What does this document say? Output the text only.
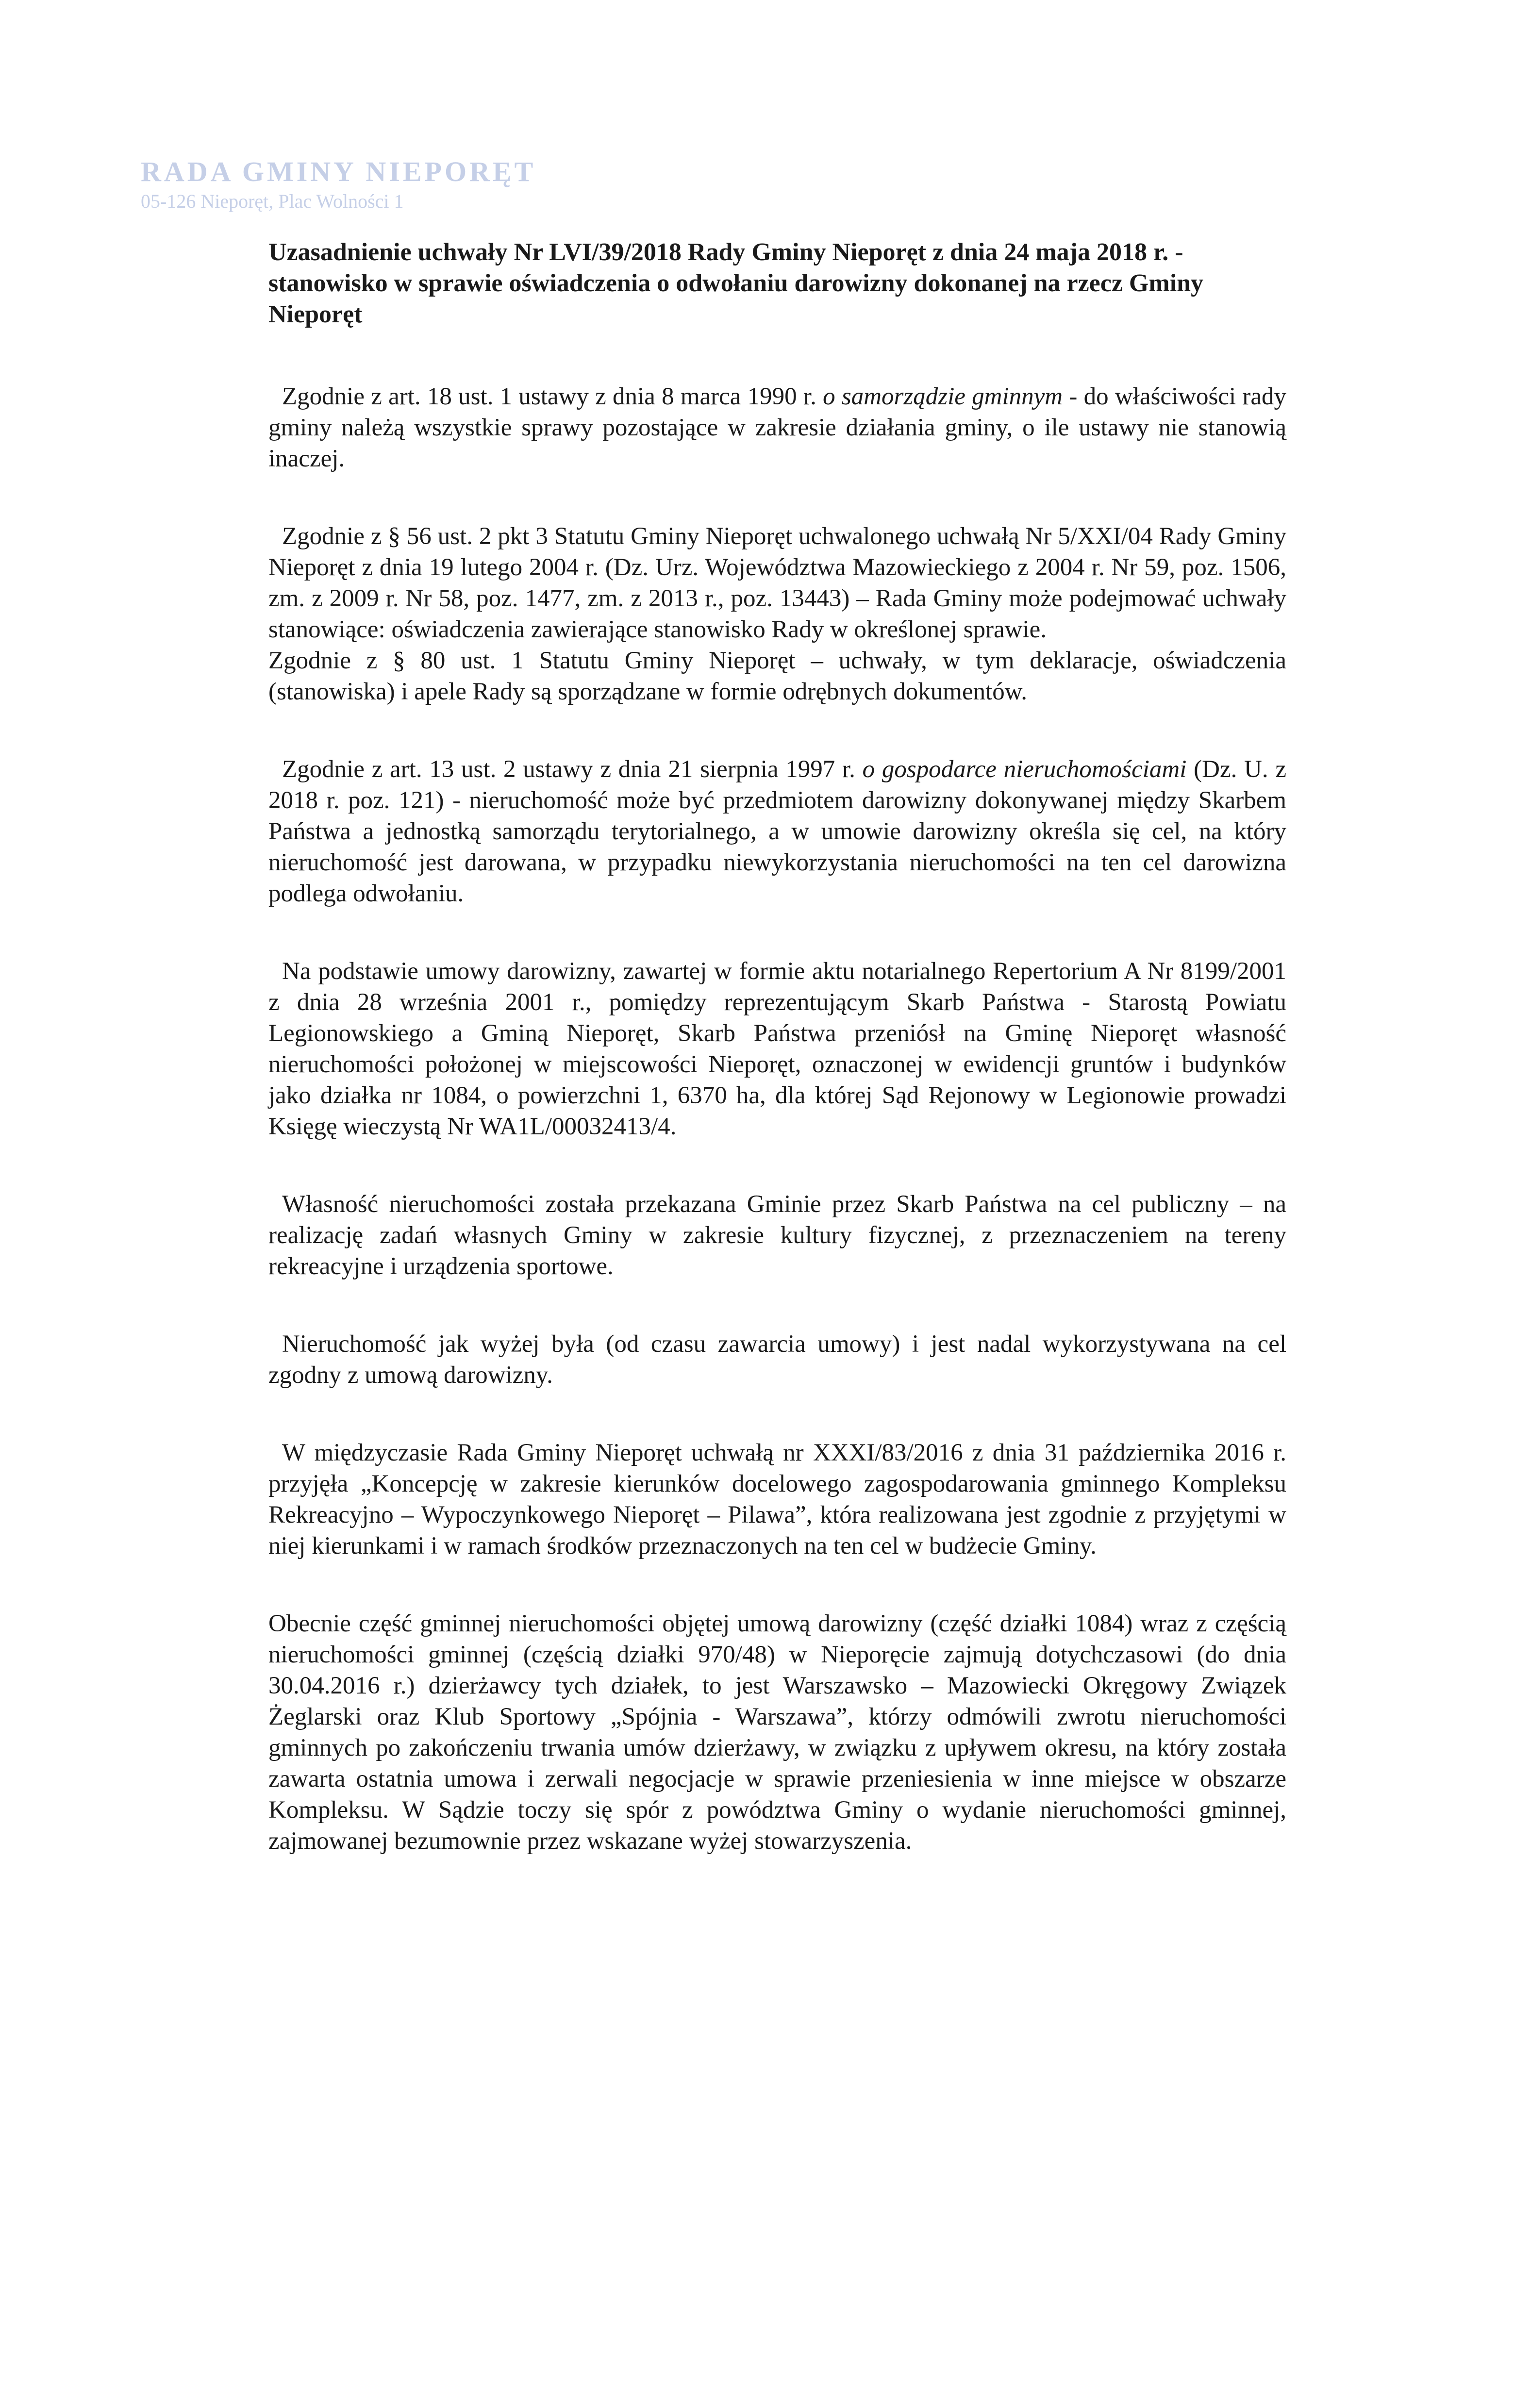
RADA GMINY NIEPORĘT
05-126 Nieporęt, Plac Wolności 1
Uzasadnienie uchwały Nr LVI/39/2018 Rady Gminy Nieporęt z dnia 24 maja 2018 r. - stanowisko w sprawie oświadczenia o odwołaniu darowizny dokonanej na rzecz Gminy Nieporęt

Zgodnie z art. 18 ust. 1 ustawy z dnia 8 marca 1990 r. o samorządzie gminnym - do właściwości rady gminy należą wszystkie sprawy pozostające w zakresie działania gminy, o ile ustawy nie stanowią inaczej.

Zgodnie z § 56 ust. 2 pkt 3 Statutu Gminy Nieporęt uchwalonego uchwałą Nr 5/XXI/04 Rady Gminy Nieporęt z dnia 19 lutego 2004 r. (Dz. Urz. Województwa Mazowieckiego z 2004 r. Nr 59, poz. 1506, zm. z 2009 r. Nr 58, poz. 1477, zm. z 2013 r., poz. 13443) – Rada Gminy może podejmować uchwały stanowiące: oświadczenia zawierające stanowisko Rady w określonej sprawie.

Zgodnie z § 80 ust. 1 Statutu Gminy Nieporęt – uchwały, w tym deklaracje, oświadczenia (stanowiska) i apele Rady są sporządzane w formie odrębnych dokumentów.

Zgodnie z art. 13 ust. 2 ustawy z dnia 21 sierpnia 1997 r. o gospodarce nieruchomościami (Dz. U. z 2018 r. poz. 121) - nieruchomość może być przedmiotem darowizny dokonywanej między Skarbem Państwa a jednostką samorządu terytorialnego, a w umowie darowizny określa się cel, na który nieruchomość jest darowana, w przypadku niewykorzystania nieruchomości na ten cel darowizna podlega odwołaniu.

Na podstawie umowy darowizny, zawartej w formie aktu notarialnego Repertorium A Nr 8199/2001 z dnia 28 września 2001 r., pomiędzy reprezentującym Skarb Państwa - Starostą Powiatu Legionowskiego a Gminą Nieporęt, Skarb Państwa przeniósł na Gminę Nieporęt własność nieruchomości położonej w miejscowości Nieporęt, oznaczonej w ewidencji gruntów i budynków jako działka nr 1084, o powierzchni 1, 6370 ha, dla której Sąd Rejonowy w Legionowie prowadzi Księgę wieczystą Nr WA1L/00032413/4.

Własność nieruchomości została przekazana Gminie przez Skarb Państwa na cel publiczny – na realizację zadań własnych Gminy w zakresie kultury fizycznej, z przeznaczeniem na tereny rekreacyjne i urządzenia sportowe.

Nieruchomość jak wyżej była (od czasu zawarcia umowy) i jest nadal wykorzystywana na cel zgodny z umową darowizny.

W międzyczasie Rada Gminy Nieporęt uchwałą nr XXXI/83/2016 z dnia 31 października 2016 r. przyjęła „Koncepcję w zakresie kierunków docelowego zagospodarowania gminnego Kompleksu Rekreacyjno – Wypoczynkowego Nieporęt – Pilawa”, która realizowana jest zgodnie z przyjętymi w niej kierunkami i w ramach środków przeznaczonych na ten cel w budżecie Gminy.

Obecnie część gminnej nieruchomości objętej umową darowizny (część działki 1084) wraz z częścią nieruchomości gminnej (częścią działki 970/48) w Nieporęcie zajmują dotychczasowi (do dnia 30.04.2016 r.) dzierżawcy tych działek, to jest Warszawsko – Mazowiecki Okręgowy Związek Żeglarski oraz Klub Sportowy „Spójnia - Warszawa”, którzy odmówili zwrotu nieruchomości gminnych po zakończeniu trwania umów dzierżawy, w związku z upływem okresu, na który została zawarta ostatnia umowa i zerwali negocjacje w sprawie przeniesienia w inne miejsce w obszarze Kompleksu. W Sądzie toczy się spór z powództwa Gminy o wydanie nieruchomości gminnej, zajmowanej bezumownie przez wskazane wyżej stowarzyszenia.
